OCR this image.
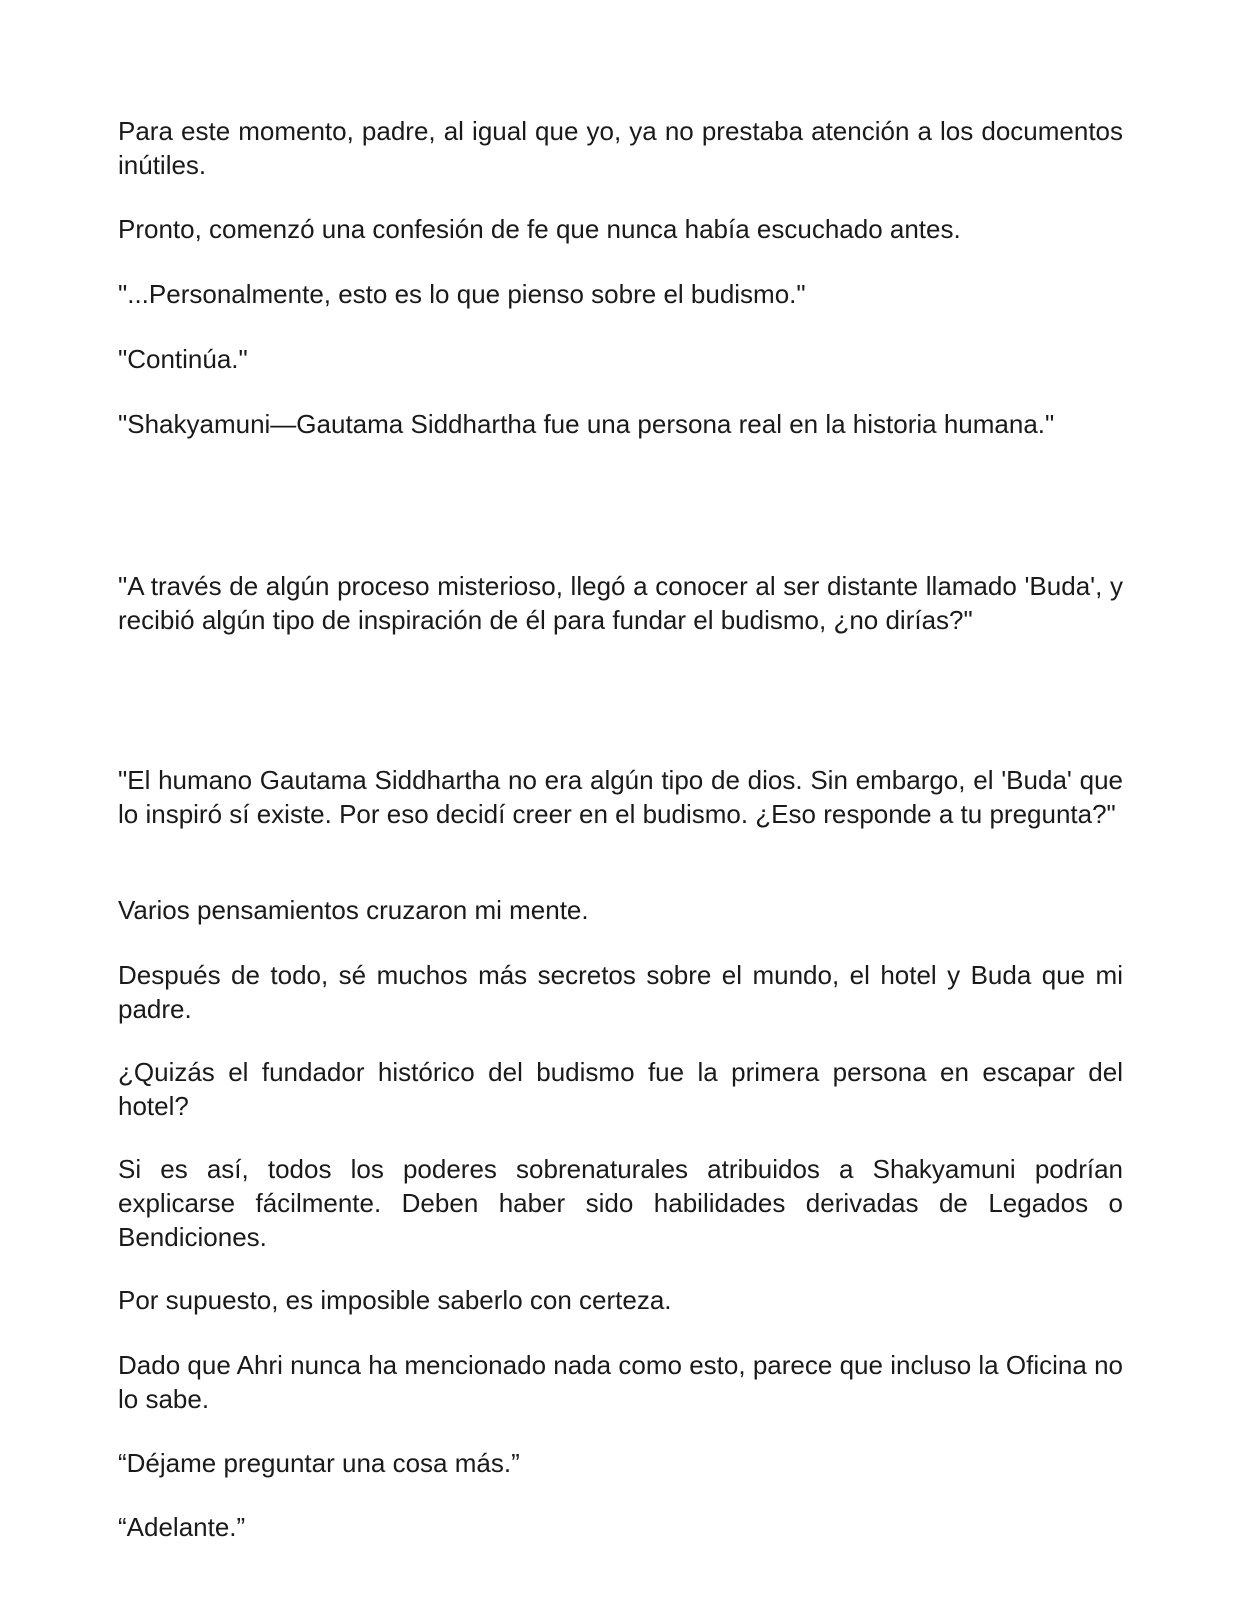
Para este momento, padre, al igual que yo, ya no prestaba atención a los documentos inútiles.

Pronto, comenzó una confesión de fe que nunca había escuchado antes.

"...Personalmente, esto es lo que pienso sobre el budismo."

"Continúa."

"Shakyamuni—Gautama Siddhartha fue una persona real en la historia humana."

"A través de algún proceso misterioso, llegó a conocer al ser distante llamado 'Buda', y recibió algún tipo de inspiración de él para fundar el budismo, ¿no dirías?"

"El humano Gautama Siddhartha no era algún tipo de dios. Sin embargo, el 'Buda' que lo inspiró sí existe. Por eso decidí creer en el budismo. ¿Eso responde a tu pregunta?"

Varios pensamientos cruzaron mi mente.

Después de todo, sé muchos más secretos sobre el mundo, el hotel y Buda que mi padre.

¿Quizás el fundador histórico del budismo fue la primera persona en escapar del hotel?

Si es así, todos los poderes sobrenaturales atribuidos a Shakyamuni podrían explicarse fácilmente. Deben haber sido habilidades derivadas de Legados o Bendiciones.

Por supuesto, es imposible saberlo con certeza.

Dado que Ahri nunca ha mencionado nada como esto, parece que incluso la Oficina no lo sabe.

“Déjame preguntar una cosa más.”

“Adelante.”
